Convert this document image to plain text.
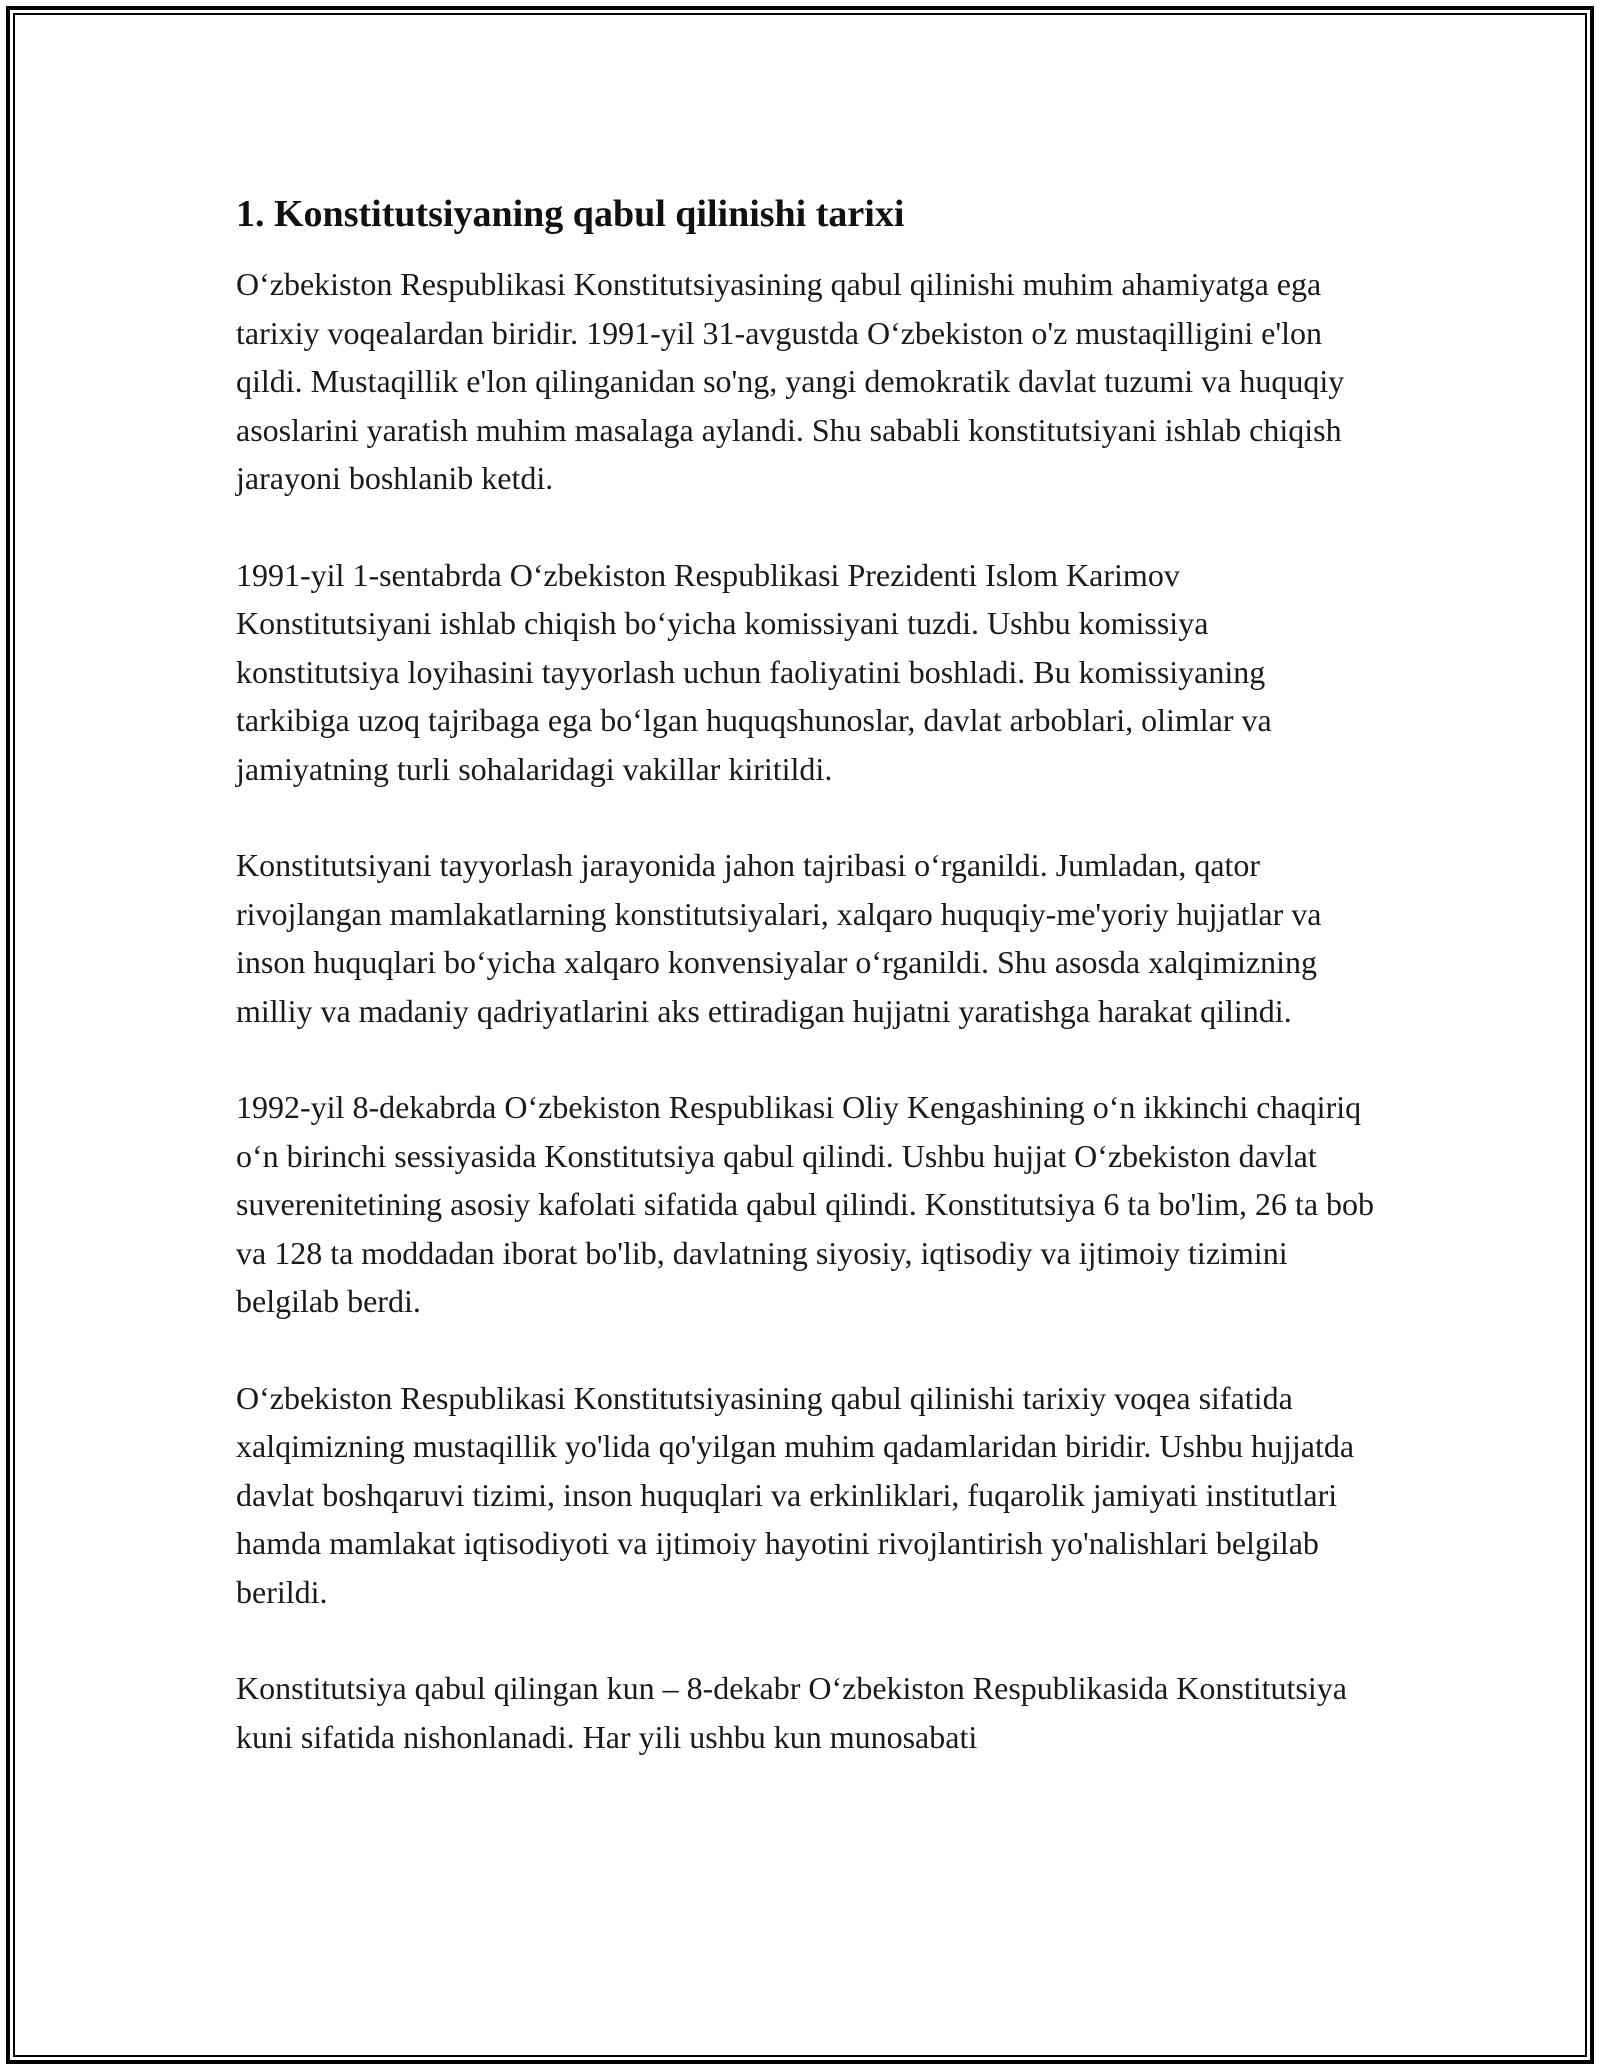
1. Konstitutsiyaning qabul qilinishi tarixi

O‘zbekiston Respublikasi Konstitutsiyasining qabul qilinishi muhim ahamiyatga ega tarixiy voqealardan biridir. 1991-yil 31-avgustda O‘zbekiston o'z mustaqilligini e'lon qildi. Mustaqillik e'lon qilinganidan so'ng, yangi demokratik davlat tuzumi va huquqiy asoslarini yaratish muhim masalaga aylandi. Shu sababli konstitutsiyani ishlab chiqish jarayoni boshlanib ketdi.

1991-yil 1-sentabrda O‘zbekiston Respublikasi Prezidenti Islom Karimov Konstitutsiyani ishlab chiqish bo‘yicha komissiyani tuzdi. Ushbu komissiya konstitutsiya loyihasini tayyorlash uchun faoliyatini boshladi. Bu komissiyaning tarkibiga uzoq tajribaga ega bo‘lgan huquqshunoslar, davlat arboblari, olimlar va jamiyatning turli sohalaridagi vakillar kiritildi.

Konstitutsiyani tayyorlash jarayonida jahon tajribasi o‘rganildi. Jumladan, qator rivojlangan mamlakatlarning konstitutsiyalari, xalqaro huquqiy-me'yoriy hujjatlar va inson huquqlari bo‘yicha xalqaro konvensiyalar o‘rganildi. Shu asosda xalqimizning milliy va madaniy qadriyatlarini aks ettiradigan hujjatni yaratishga harakat qilindi.

1992-yil 8-dekabrda O‘zbekiston Respublikasi Oliy Kengashining o‘n ikkinchi chaqiriq o‘n birinchi sessiyasida Konstitutsiya qabul qilindi. Ushbu hujjat O‘zbekiston davlat suverenitetining asosiy kafolati sifatida qabul qilindi. Konstitutsiya 6 ta bo'lim, 26 ta bob va 128 ta moddadan iborat bo'lib, davlatning siyosiy, iqtisodiy va ijtimoiy tizimini belgilab berdi.

O‘zbekiston Respublikasi Konstitutsiyasining qabul qilinishi tarixiy voqea sifatida xalqimizning mustaqillik yo'lida qo'yilgan muhim qadamlaridan biridir. Ushbu hujjatda davlat boshqaruvi tizimi, inson huquqlari va erkinliklari, fuqarolik jamiyati institutlari hamda mamlakat iqtisodiyoti va ijtimoiy hayotini rivojlantirish yo'nalishlari belgilab berildi.

Konstitutsiya qabul qilingan kun – 8-dekabr O‘zbekiston Respublikasida Konstitutsiya kuni sifatida nishonlanadi. Har yili ushbu kun munosabati
